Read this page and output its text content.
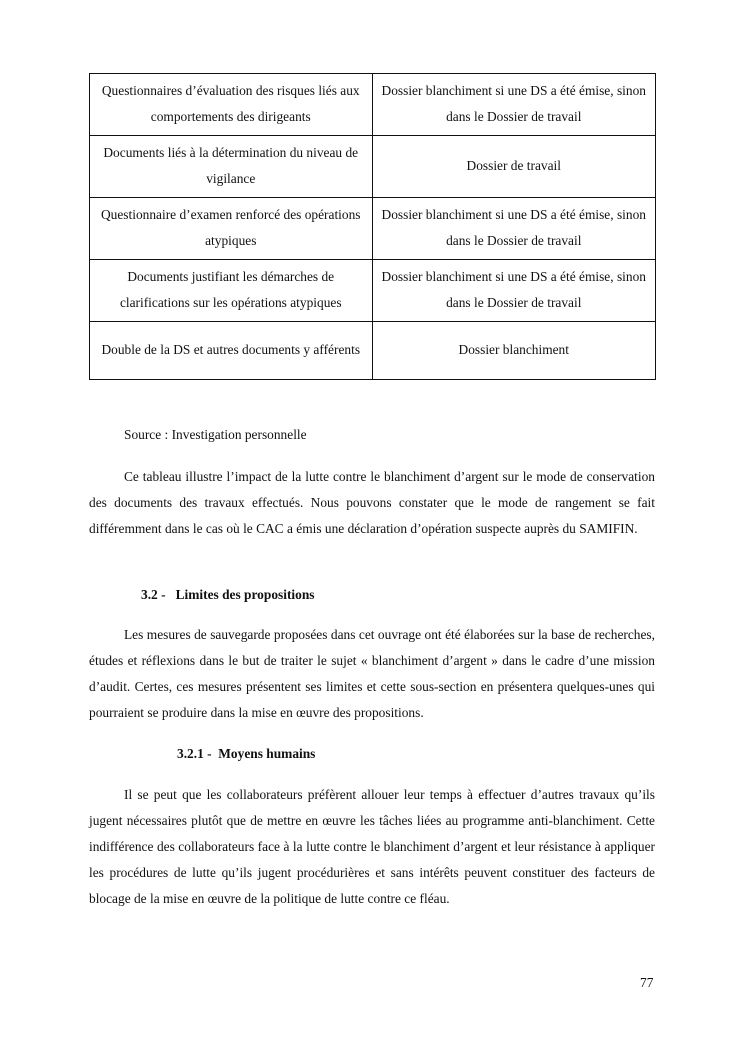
Questionnaires d’évaluation des risques liés aux comportements des dirigeants	Dossier blanchiment si une DS a été émise, sinon dans le Dossier de travail
Documents liés à la détermination du niveau de vigilance	Dossier de travail
Questionnaire d’examen renforcé des opérations atypiques	Dossier blanchiment si une DS a été émise, sinon dans le Dossier de travail
Documents justifiant les démarches de clarifications sur les opérations atypiques	Dossier blanchiment si une DS a été émise, sinon dans le Dossier de travail
Double de la DS et autres documents y afférents	Dossier blanchiment
Source : Investigation personnelle

Ce tableau illustre l’impact de la lutte contre le blanchiment d’argent sur le mode de conservation des documents des travaux effectués. Nous pouvons constater que le mode de rangement se fait différemment dans le cas où le CAC a émis une déclaration d’opération suspecte auprès du SAMIFIN.

3.2 - Limites des propositions

Les mesures de sauvegarde proposées dans cet ouvrage ont été élaborées sur la base de recherches, études et réflexions dans le but de traiter le sujet « blanchiment d’argent » dans le cadre d’une mission d’audit. Certes, ces mesures présentent ses limites et cette sous-section en présentera quelques-unes qui pourraient se produire dans la mise en œuvre des propositions.

3.2.1 - Moyens humains

Il se peut que les collaborateurs préfèrent allouer leur temps à effectuer d’autres travaux qu’ils jugent nécessaires plutôt que de mettre en œuvre les tâches liées au programme anti-blanchiment. Cette indifférence des collaborateurs face à la lutte contre le blanchiment d’argent et leur résistance à appliquer les procédures de lutte qu’ils jugent procédurières et sans intérêts peuvent constituer des facteurs de blocage de la mise en œuvre de la politique de lutte contre ce fléau.

77
